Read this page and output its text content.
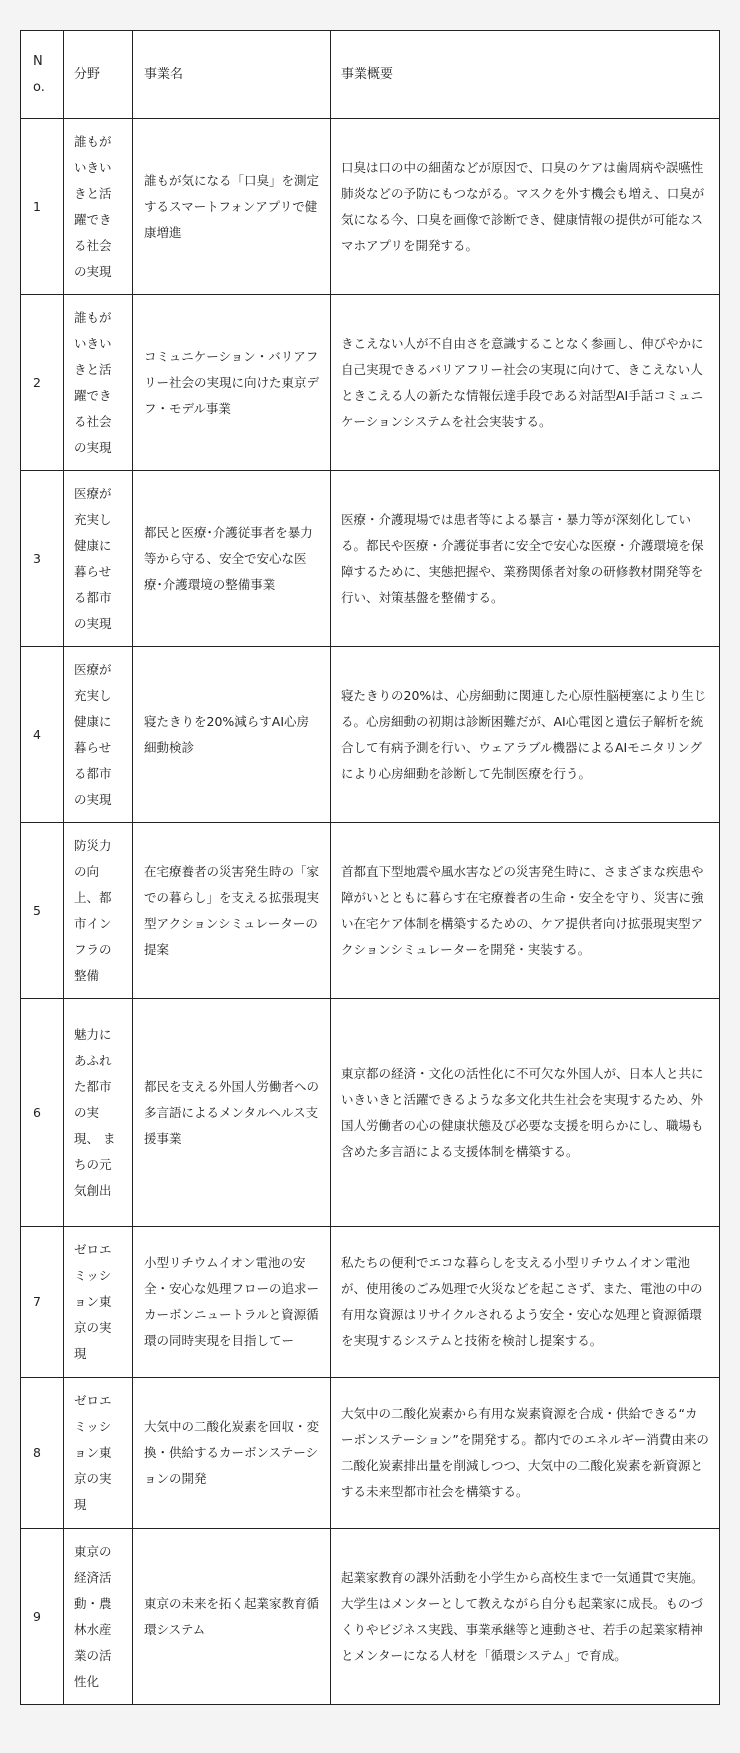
No.	分野	事業名	事業概要
1	誰もがいきいきと活躍できる社会の実現	誰もが気になる「口臭」を測定するスマートフォンアプリで健康増進	口臭は口の中の細菌などが原因で、口臭のケアは歯周病や誤嚥性肺炎などの予防にもつながる。マスクを外す機会も増え、口臭が気になる今、口臭を画像で診断でき、健康情報の提供が可能なスマホアプリを開発する。
2	誰もがいきいきと活躍できる社会の実現	コミュニケーション・バリアフリー社会の実現に向けた東京デフ・モデル事業	きこえない人が不自由さを意識することなく参画し、伸びやかに自己実現できるバリアフリー社会の実現に向けて、きこえない人ときこえる人の新たな情報伝達手段である対話型AI手話コミュニケーションシステムを社会実装する。
3	医療が充実し健康に暮らせる都市の実現	都民と医療･介護従事者を暴力等から守る、安全で安心な医療･介護環境の整備事業	医療・介護現場では患者等による暴言・暴力等が深刻化している。都民や医療・介護従事者に安全で安心な医療・介護環境を保障するために、実態把握や、業務関係者対象の研修教材開発等を行い、対策基盤を整備する。
4	医療が充実し健康に暮らせる都市の実現	寝たきりを20%減らすAI心房細動検診	寝たきりの20%は、心房細動に関連した心原性脳梗塞により生じる。心房細動の初期は診断困難だが、AI心電図と遺伝子解析を統合して有病予測を行い、ウェアラブル機器によるAIモニタリングにより心房細動を診断して先制医療を行う。
5	防災力の向上、都市インフラの整備	在宅療養者の災害発生時の「家での暮らし」を支える拡張現実型アクションシミュレーターの提案	首都直下型地震や風水害などの災害発生時に、さまざまな疾患や障がいとともに暮らす在宅療養者の生命・安全を守り、災害に強い在宅ケア体制を構築するための、ケア提供者向け拡張現実型アクションシミュレーターを開発・実装する。
6	魅力にあふれた都市の実現、 まちの元気創出	都民を支える外国人労働者への多言語によるメンタルヘルス支援事業	東京都の経済・文化の活性化に不可欠な外国人が、日本人と共にいきいきと活躍できるような多文化共生社会を実現するため、外国人労働者の心の健康状態及び必要な支援を明らかにし、職場も含めた多言語による支援体制を構築する。
7	ゼロエミッション東京の実現	小型リチウムイオン電池の安全・安心な処理フローの追求ーカーボンニュートラルと資源循環の同時実現を目指してー	私たちの便利でエコな暮らしを支える小型リチウムイオン電池が、使用後のごみ処理で火災などを起こさず、また、電池の中の有用な資源はリサイクルされるよう安全・安心な処理と資源循環を実現するシステムと技術を検討し提案する。
8	ゼロエミッション東京の実現	大気中の二酸化炭素を回収・変換・供給するカーボンステーションの開発	大気中の二酸化炭素から有用な炭素資源を合成・供給できる“カーボンステーション”を開発する。都内でのエネルギー消費由来の二酸化炭素排出量を削減しつつ、大気中の二酸化炭素を新資源とする未来型都市社会を構築する。
9	東京の経済活動・農林水産業の活性化	東京の未来を拓く起業家教育循環システム	起業家教育の課外活動を小学生から高校生まで一気通貫で実施。大学生はメンターとして教えながら自分も起業家に成長。ものづくりやビジネス実践、事業承継等と連動させ、若手の起業家精神とメンターになる人材を「循環システム」で育成。
